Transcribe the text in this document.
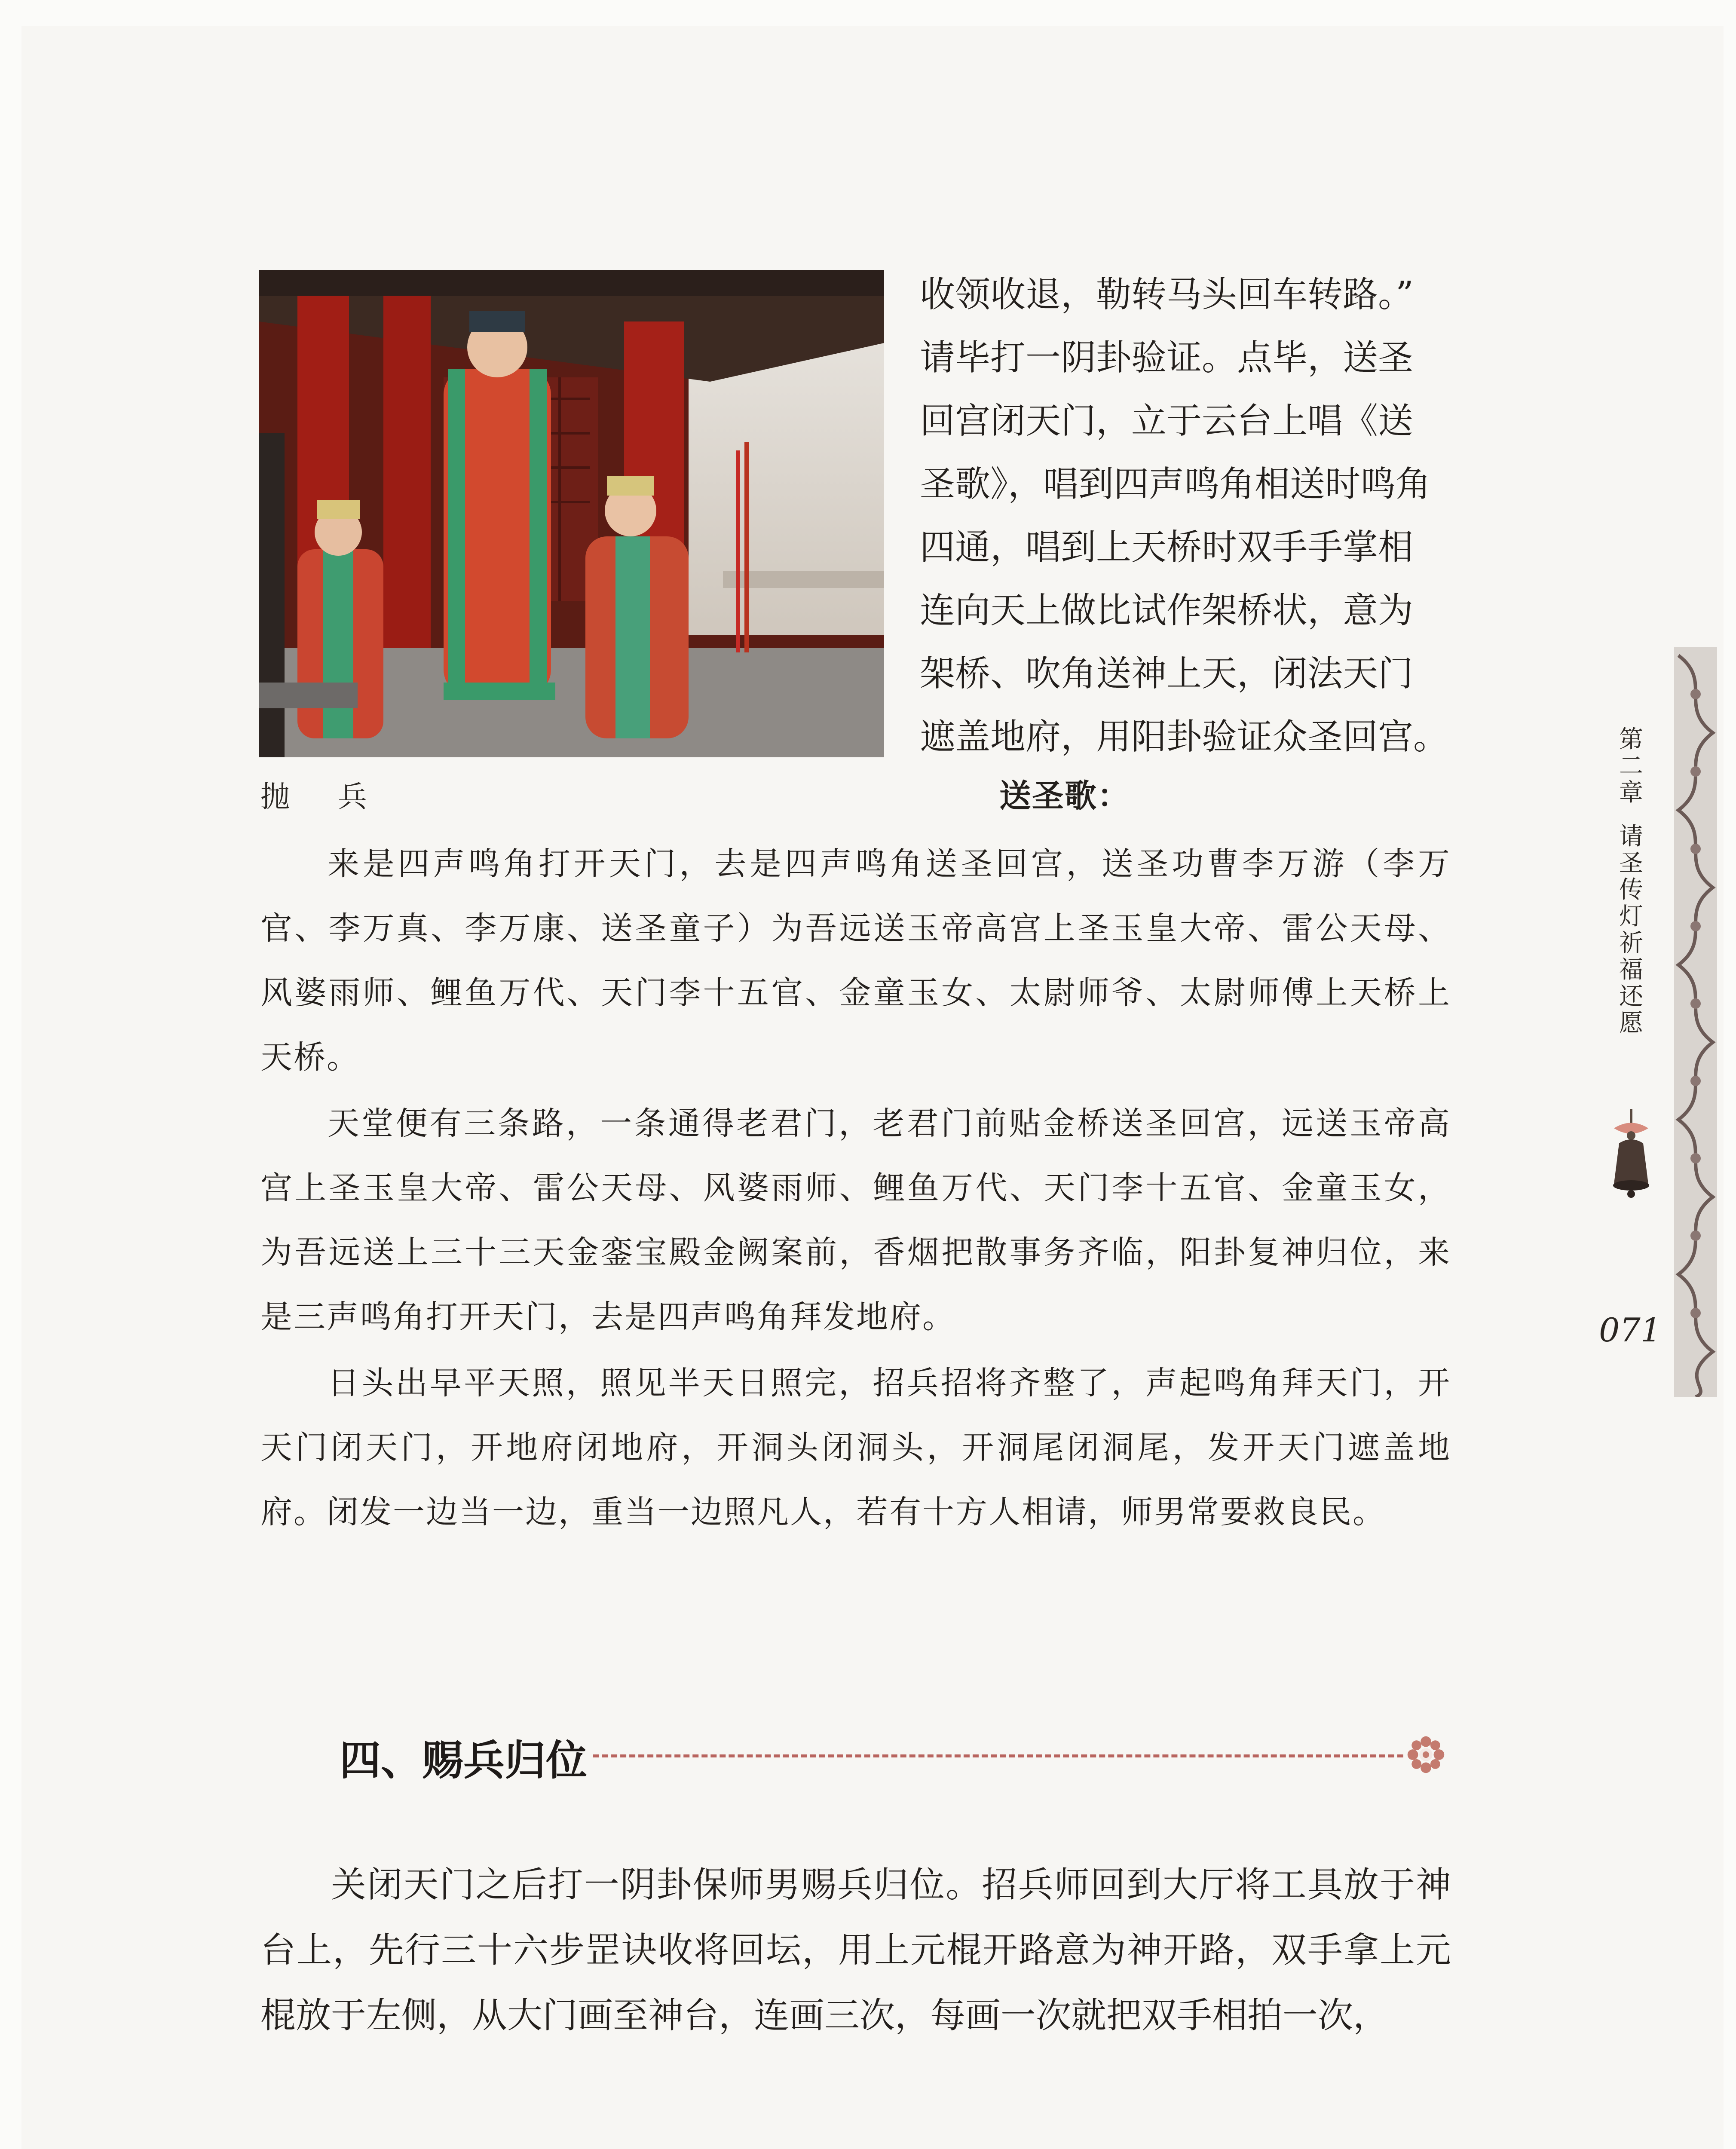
抛 兵

收领收退，勒转马头回车转路。”

请毕打一阴卦验证。点毕，送圣

回宫闭天门，立于云台上唱《送

圣歌》，唱到四声鸣角相送时鸣角

四通，唱到上天桥时双手手掌相

连向天上做比试作架桥状，意为

架桥、吹角送神上天，闭法天门

遮盖地府，用阳卦验证众圣回宫。

送圣歌：

来是四声鸣角打开天门，去是四声鸣角送圣回宫，送圣功曹李万游（李万官、李万真、李万康、送圣童子）为吾远送玉帝高宫上圣玉皇大帝、雷公天母、风婆雨师、鲤鱼万代、天门李十五官、金童玉女、太尉师爷、太尉师傅上天桥上天桥。

天堂便有三条路，一条通得老君门，老君门前贴金桥送圣回宫，远送玉帝高宫上圣玉皇大帝、雷公天母、风婆雨师、鲤鱼万代、天门李十五官、金童玉女，为吾远送上三十三天金銮宝殿金阙案前，香烟把散事务齐临，阳卦复神归位，来是三声鸣角打开天门，去是四声鸣角拜发地府。

日头出早平天照，照见半天日照完，招兵招将齐整了，声起鸣角拜天门，开天门闭天门，开地府闭地府，开洞头闭洞头，开洞尾闭洞尾，发开天门遮盖地府。闭发一边当一边，重当一边照凡人，若有十方人相请，师男常要救良民。

四、赐兵归位

关闭天门之后打一阴卦保师男赐兵归位。招兵师回到大厅将工具放于神台上，先行三十六步罡诀收将回坛，用上元棍开路意为神开路，双手拿上元棍放于左侧，从大门画至神台，连画三次，每画一次就把双手相拍一次，

第
二
章
请
圣
传
灯
祈
福
还
愿
071
